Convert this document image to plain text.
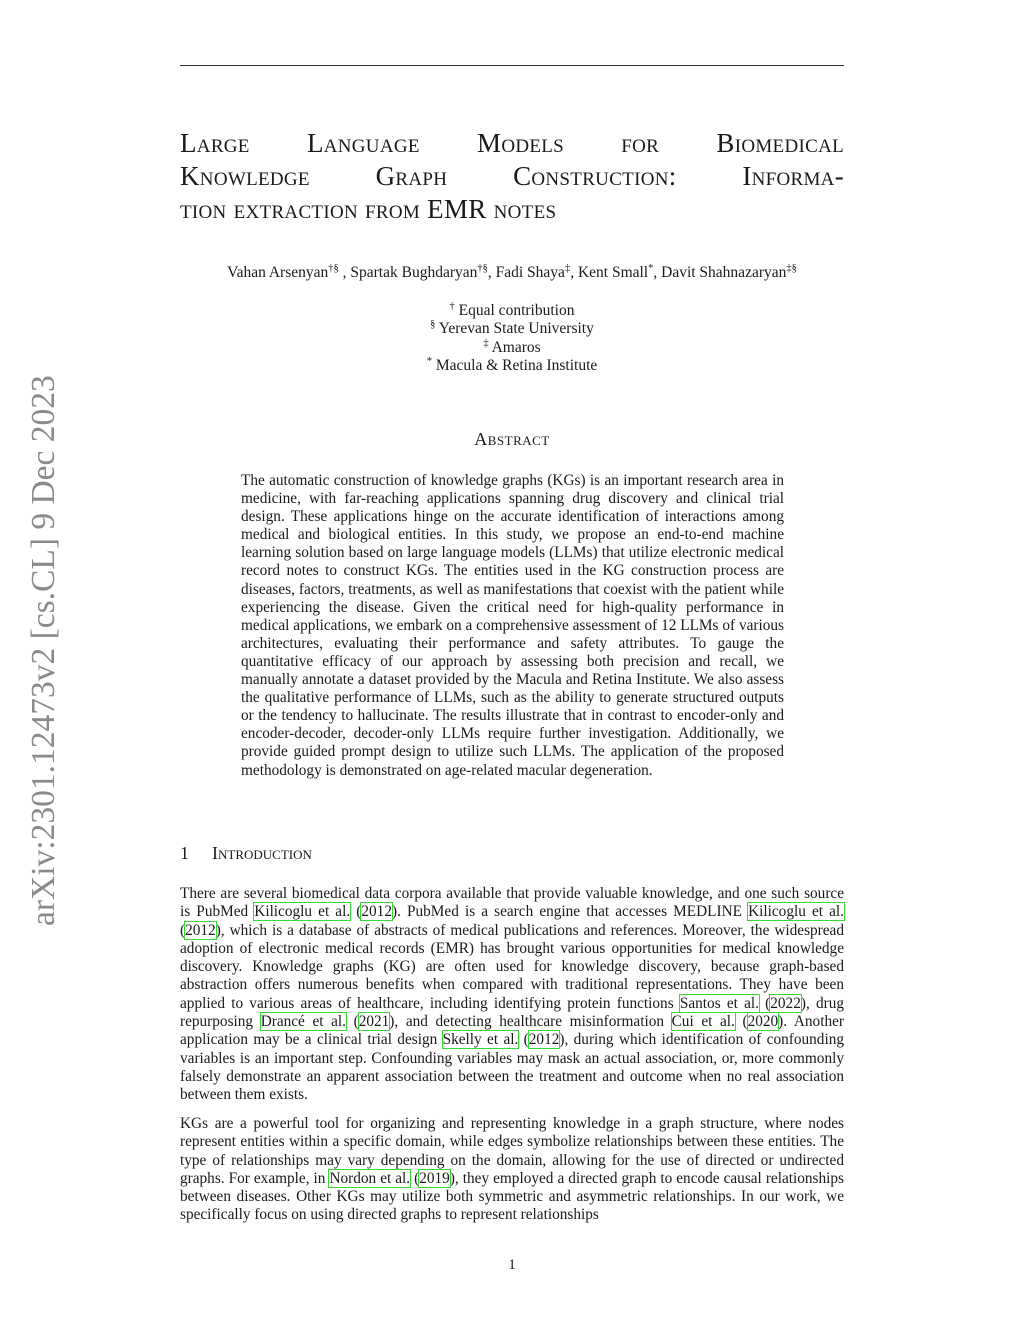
arXiv:2301.12473v2 [cs.CL] 9 Dec 2023
Large Language Models for Biomedical
Knowledge Graph Construction: Informa-
tion extraction from EMR notes
Vahan Arsenyan†§ , Spartak Bughdaryan†§, Fadi Shaya‡, Kent Small*, Davit Shahnazaryan‡§
† Equal contribution
§ Yerevan State University
‡ Amaros
* Macula & Retina Institute
Abstract

The automatic construction of knowledge graphs (KGs) is an important research area in medicine, with far-reaching applications spanning drug discovery and clinical trial design. These applications hinge on the accurate identification of interactions among medical and biological entities. In this study, we propose an end-to-end machine learning solution based on large language models (LLMs) that utilize electronic medical record notes to construct KGs. The entities used in the KG construction process are diseases, factors, treatments, as well as manifestations that coexist with the patient while experiencing the disease. Given the critical need for high-quality performance in medical applications, we embark on a comprehensive assessment of 12 LLMs of various architectures, evaluating their performance and safety attributes. To gauge the quantitative efficacy of our approach by assessing both precision and recall, we manually annotate a dataset provided by the Macula and Retina Institute. We also assess the qualitative performance of LLMs, such as the ability to generate structured outputs or the tendency to hallucinate. The results illustrate that in contrast to encoder-only and encoder-decoder, decoder-only LLMs require further investigation. Additionally, we provide guided prompt design to utilize such LLMs. The application of the proposed methodology is demonstrated on age-related macular degeneration.

1 Introduction

There are several biomedical data corpora available that provide valuable knowledge, and one such source is PubMed Kilicoglu et al. (2012). PubMed is a search engine that accesses MEDLINE Kilicoglu et al. (2012), which is a database of abstracts of medical publications and references. Moreover, the widespread adoption of electronic medical records (EMR) has brought various opportunities for medical knowledge discovery. Knowledge graphs (KG) are often used for knowledge discovery, because graph-based abstraction offers numerous benefits when compared with traditional representations. They have been applied to various areas of healthcare, including identifying protein functions Santos et al. (2022), drug repurposing Drancé et al. (2021), and detecting healthcare misinformation Cui et al. (2020). Another application may be a clinical trial design Skelly et al. (2012), during which identification of confounding variables is an important step. Confounding variables may mask an actual association, or, more commonly falsely demonstrate an apparent association between the treatment and outcome when no real association between them exists.

KGs are a powerful tool for organizing and representing knowledge in a graph structure, where nodes represent entities within a specific domain, while edges symbolize relationships between these entities. The type of relationships may vary depending on the domain, allowing for the use of directed or undirected graphs. For example, in Nordon et al. (2019), they employed a directed graph to encode causal relationships between diseases. Other KGs may utilize both symmetric and asymmetric relationships. In our work, we specifically focus on using directed graphs to represent relationships

1
